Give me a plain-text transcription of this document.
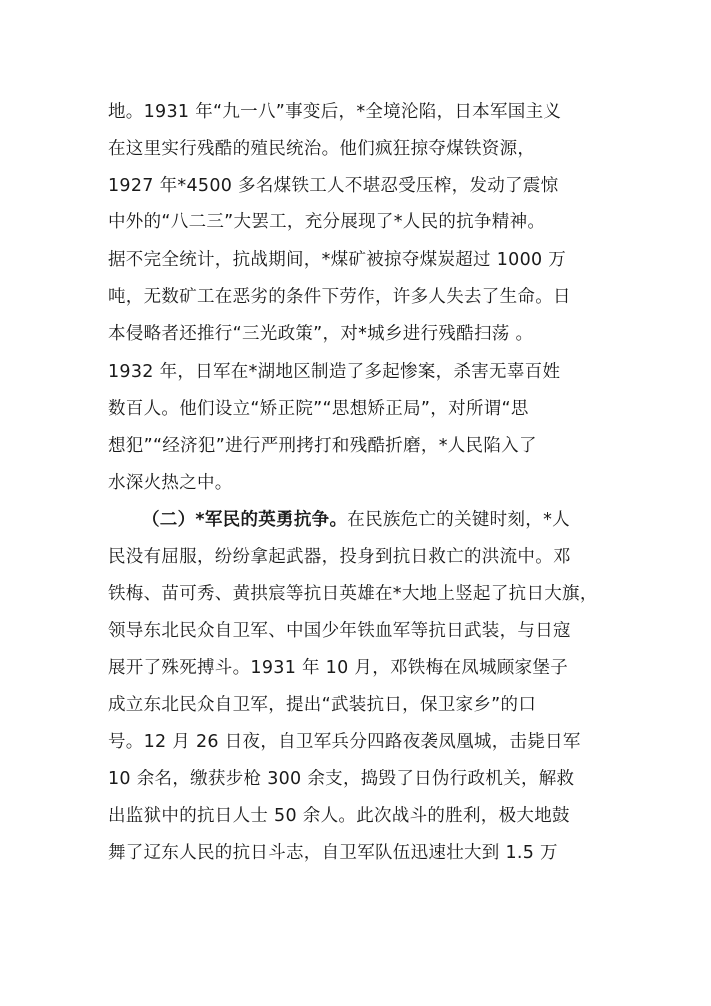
地。1931 年“九一八”事变后，*全境沦陷，日本军国主义
在这里实行残酷的殖民统治。他们疯狂掠夺煤铁资源，
1927 年*4500 多名煤铁工人不堪忍受压榨，发动了震惊
中外的“八二三”大罢工，充分展现了*人民的抗争精神。
据不完全统计，抗战期间，*煤矿被掠夺煤炭超过 1000 万
吨，无数矿工在恶劣的条件下劳作，许多人失去了生命。日
本侵略者还推行“三光政策”，对*城乡进行残酷扫荡 。
1932 年，日军在*湖地区制造了多起惨案，杀害无辜百姓
数百人。他们设立“矫正院”“思想矫正局”，对所谓“思
想犯”“经济犯”进行严刑拷打和残酷折磨，*人民陷入了
水深火热之中。
（二）*军民的英勇抗争。在民族危亡的关键时刻，*人
民没有屈服，纷纷拿起武器，投身到抗日救亡的洪流中。邓
铁梅、苗可秀、黄拱宸等抗日英雄在*大地上竖起了抗日大旗，
领导东北民众自卫军、中国少年铁血军等抗日武装，与日寇
展开了殊死搏斗。1931 年 10 月，邓铁梅在凤城顾家堡子
成立东北民众自卫军，提出“武装抗日，保卫家乡”的口
号。12 月 26 日夜，自卫军兵分四路夜袭凤凰城，击毙日军
10 余名，缴获步枪 300 余支，捣毁了日伪行政机关，解救
出监狱中的抗日人士 50 余人。此次战斗的胜利，极大地鼓
舞了辽东人民的抗日斗志，自卫军队伍迅速壮大到 1.5 万
